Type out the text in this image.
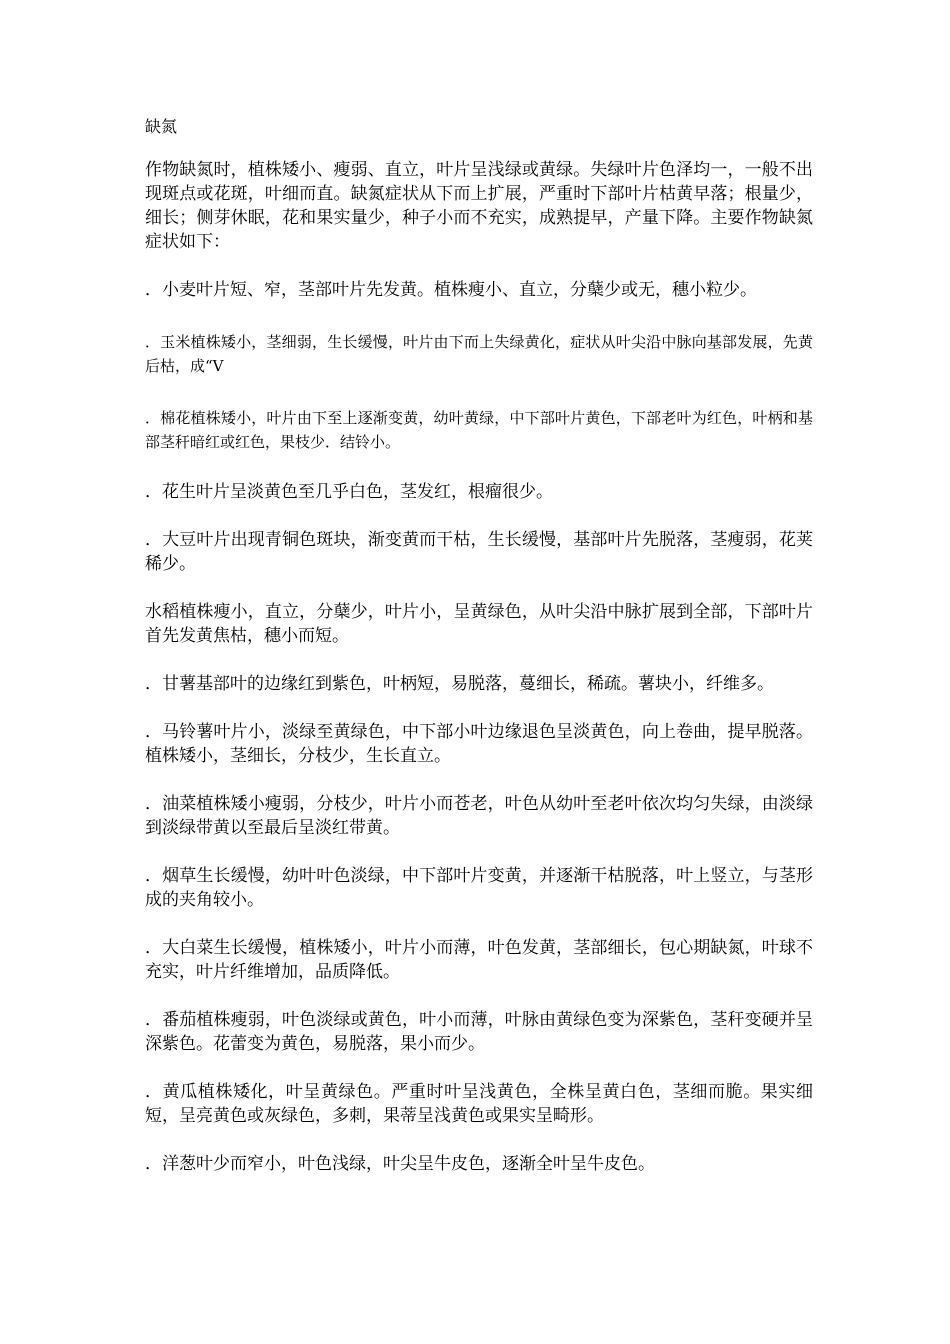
缺氮

作物缺氮时，植株矮小、瘦弱、直立，叶片呈浅绿或黄绿。失绿叶片色泽均一，一般不出现斑点或花斑，叶细而直。缺氮症状从下而上扩展，严重时下部叶片枯黄早落；根量少，细长；侧芽休眠，花和果实量少，种子小而不充实，成熟提早，产量下降。主要作物缺氮症状如下：

．小麦叶片短、窄，茎部叶片先发黄。植株瘦小、直立，分蘖少或无，穗小粒少。

．玉米植株矮小，茎细弱，生长缓慢，叶片由下而上失绿黄化，症状从叶尖沿中脉向基部发展，先黄后枯，成“V

．棉花植株矮小，叶片由下至上逐渐变黄，幼叶黄绿，中下部叶片黄色，下部老叶为红色，叶柄和基部茎秆暗红或红色，果枝少．结铃小。

．花生叶片呈淡黄色至几乎白色，茎发红，根瘤很少。

．大豆叶片出现青铜色斑块，渐变黄而干枯，生长缓慢，基部叶片先脱落，茎瘦弱，花荚稀少。

水稻植株瘦小，直立，分蘖少，叶片小，呈黄绿色，从叶尖沿中脉扩展到全部，下部叶片首先发黄焦枯，穗小而短。

．甘薯基部叶的边缘红到紫色，叶柄短，易脱落，蔓细长，稀疏。薯块小，纤维多。

．马铃薯叶片小，淡绿至黄绿色，中下部小叶边缘退色呈淡黄色，向上卷曲，提早脱落。植株矮小，茎细长，分枝少，生长直立。

．油菜植株矮小瘦弱，分枝少，叶片小而苍老，叶色从幼叶至老叶依次均匀失绿，由淡绿到淡绿带黄以至最后呈淡红带黄。

．烟草生长缓慢，幼叶叶色淡绿，中下部叶片变黄，并逐渐干枯脱落，叶上竖立，与茎形成的夹角较小。

．大白菜生长缓慢，植株矮小，叶片小而薄，叶色发黄，茎部细长，包心期缺氮，叶球不充实，叶片纤维增加，品质降低。

．番茄植株瘦弱，叶色淡绿或黄色，叶小而薄，叶脉由黄绿色变为深紫色，茎秆变硬并呈深紫色。花蕾变为黄色，易脱落，果小而少。

．黄瓜植株矮化，叶呈黄绿色。严重时叶呈浅黄色，全株呈黄白色，茎细而脆。果实细短，呈亮黄色或灰绿色，多刺，果蒂呈浅黄色或果实呈畸形。

．洋葱叶少而窄小，叶色浅绿，叶尖呈牛皮色，逐渐全叶呈牛皮色。
